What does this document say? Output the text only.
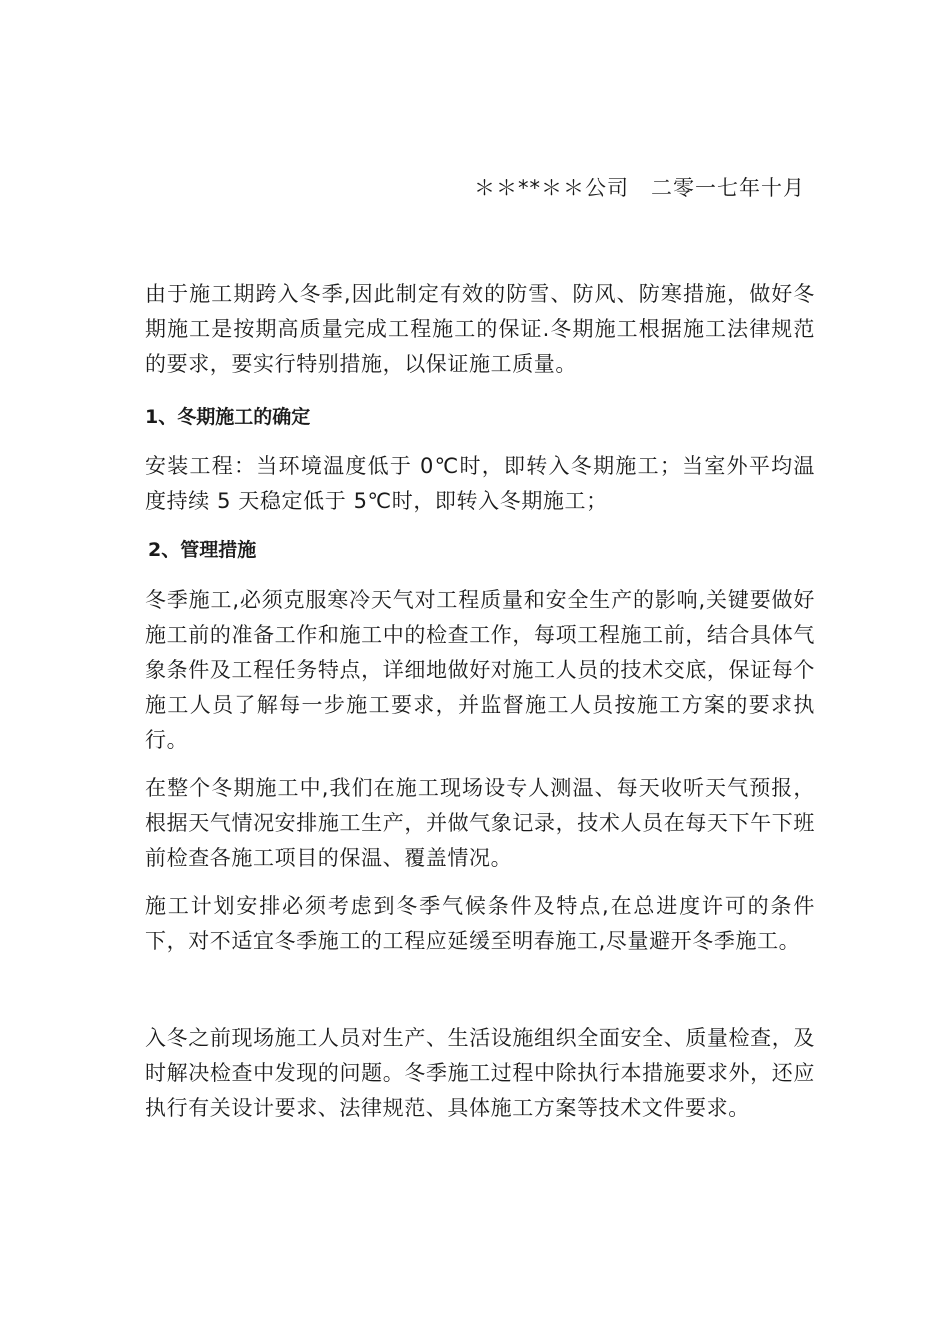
＊＊**＊＊公司　二零一七年十月

由于施工期跨入冬季,因此制定有效的防雪、防风、防寒措施，做好冬期施工是按期高质量完成工程施工的保证.冬期施工根据施工法律规范的要求，要实行特别措施，以保证施工质量。

1、冬期施工的确定

安装工程：当环境温度低于 0℃时，即转入冬期施工；当室外平均温度持续 5 天稳定低于 5℃时，即转入冬期施工；

2、管理措施

冬季施工,必须克服寒冷天气对工程质量和安全生产的影响,关键要做好施工前的准备工作和施工中的检查工作，每项工程施工前，结合具体气象条件及工程任务特点，详细地做好对施工人员的技术交底，保证每个施工人员了解每一步施工要求，并监督施工人员按施工方案的要求执行。

在整个冬期施工中,我们在施工现场设专人测温、每天收听天气预报，根据天气情况安排施工生产，并做气象记录，技术人员在每天下午下班前检查各施工项目的保温、覆盖情况。

施工计划安排必须考虑到冬季气候条件及特点,在总进度许可的条件下，对不适宜冬季施工的工程应延缓至明春施工,尽量避开冬季施工。

入冬之前现场施工人员对生产、生活设施组织全面安全、质量检查，及时解决检查中发现的问题。冬季施工过程中除执行本措施要求外，还应执行有关设计要求、法律规范、具体施工方案等技术文件要求。
